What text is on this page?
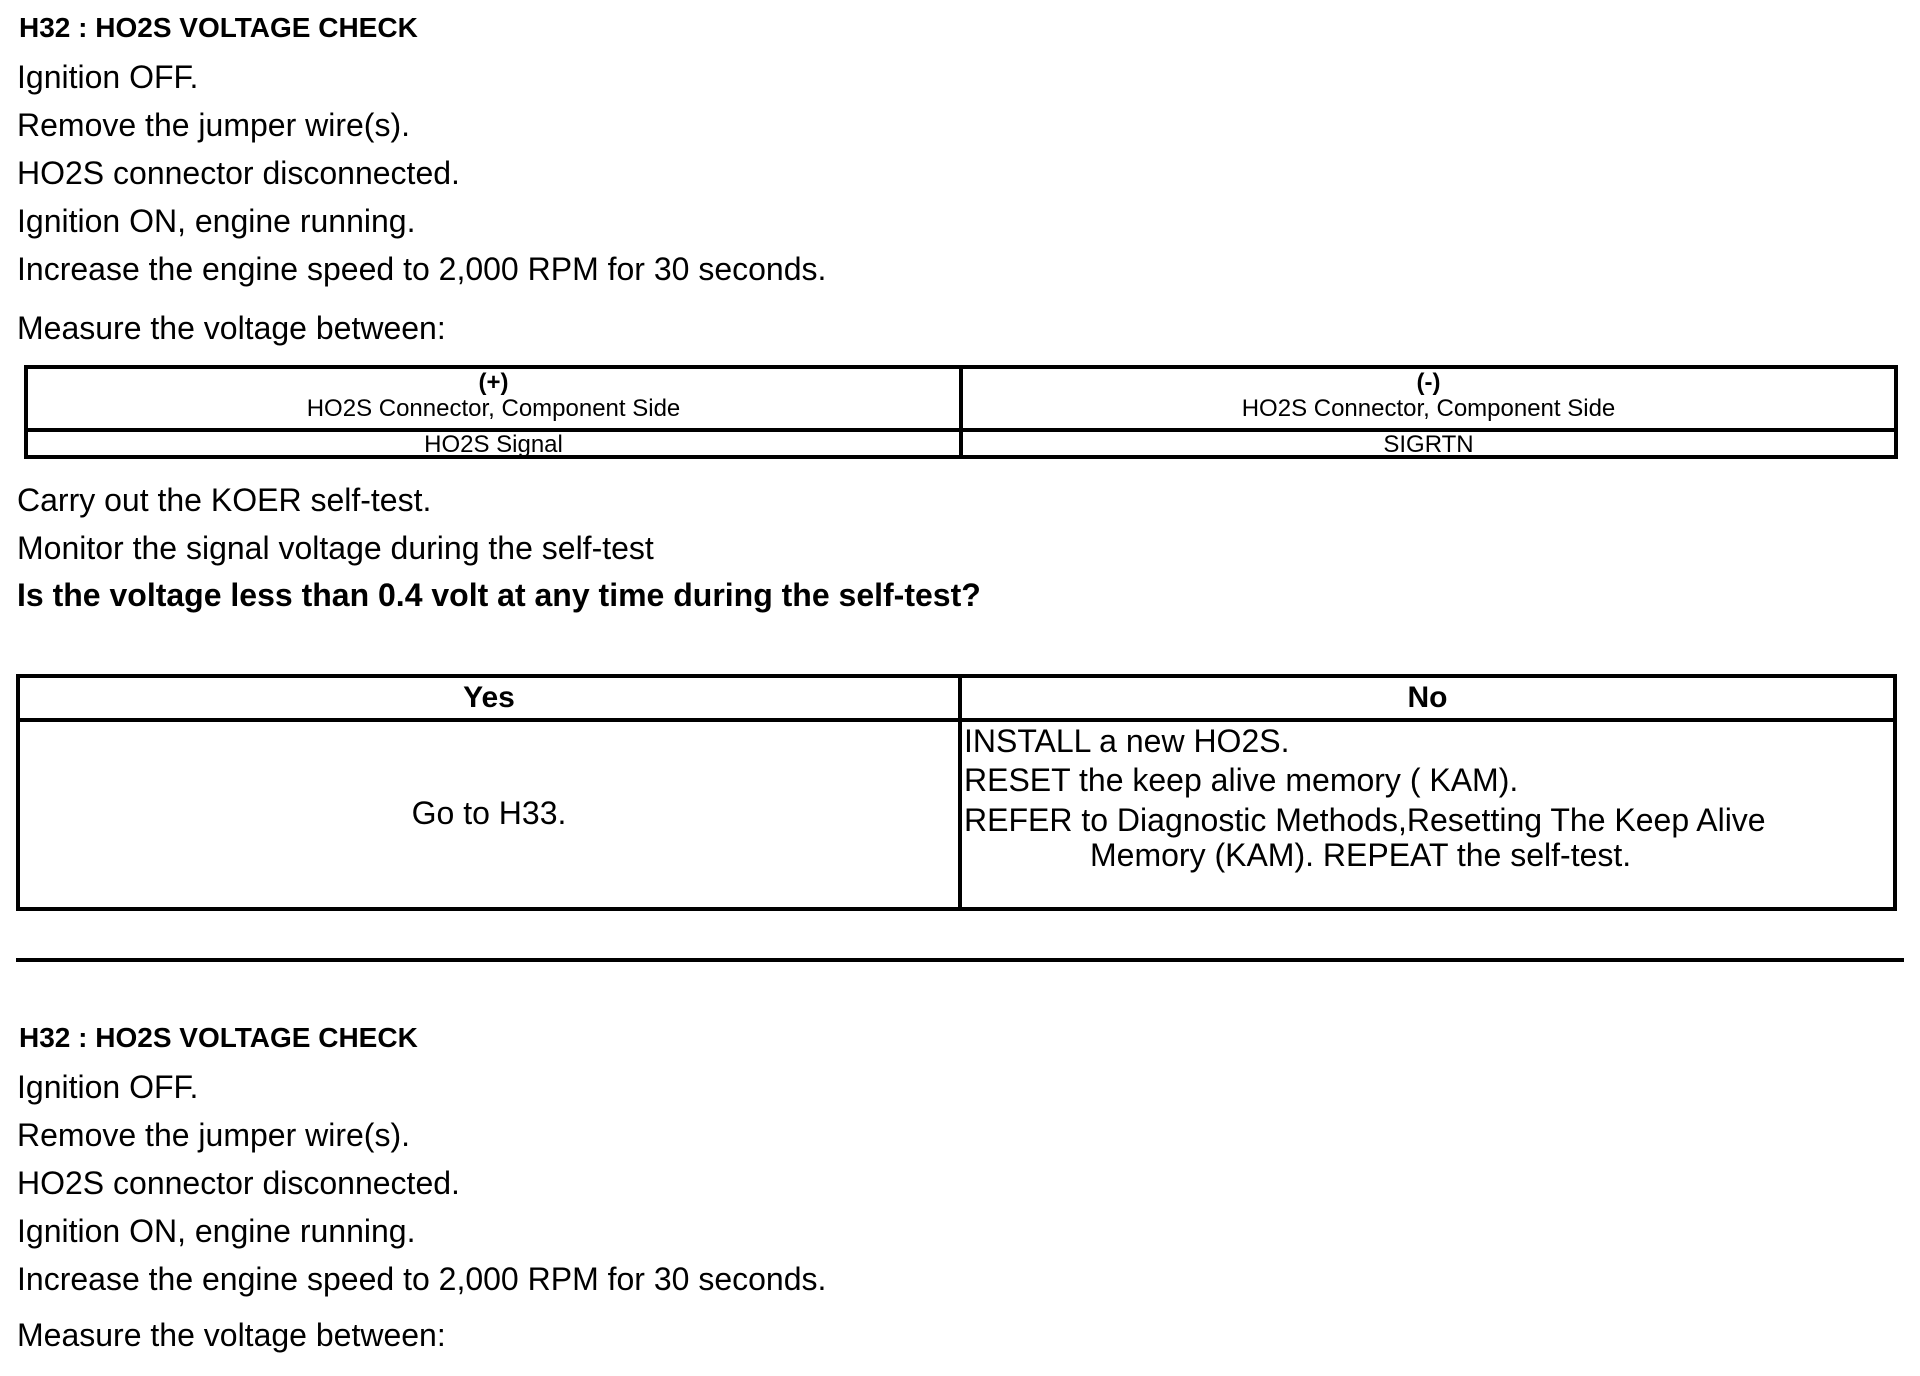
H32 : HO2S VOLTAGE CHECK
Ignition OFF.
Remove the jumper wire(s).
HO2S connector disconnected.
Ignition ON, engine running.
Increase the engine speed to 2,000 RPM for 30 seconds.
Measure the voltage between:
(+)
HO2S Connector, Component Side
(-)
HO2S Connector, Component Side
HO2S Signal	SIGRTN
Carry out the KOER self-test.
Monitor the signal voltage during the self-test
Is the voltage less than 0.4 volt at any time during the self-test?
Yes	No
Go to H33.
INSTALL a new HO2S.
RESET the keep alive memory ( KAM).
REFER to Diagnostic Methods,Resetting The Keep Alive
Memory (KAM). REPEAT the self-test.
H32 : HO2S VOLTAGE CHECK
Ignition OFF.
Remove the jumper wire(s).
HO2S connector disconnected.
Ignition ON, engine running.
Increase the engine speed to 2,000 RPM for 30 seconds.
Measure the voltage between:
